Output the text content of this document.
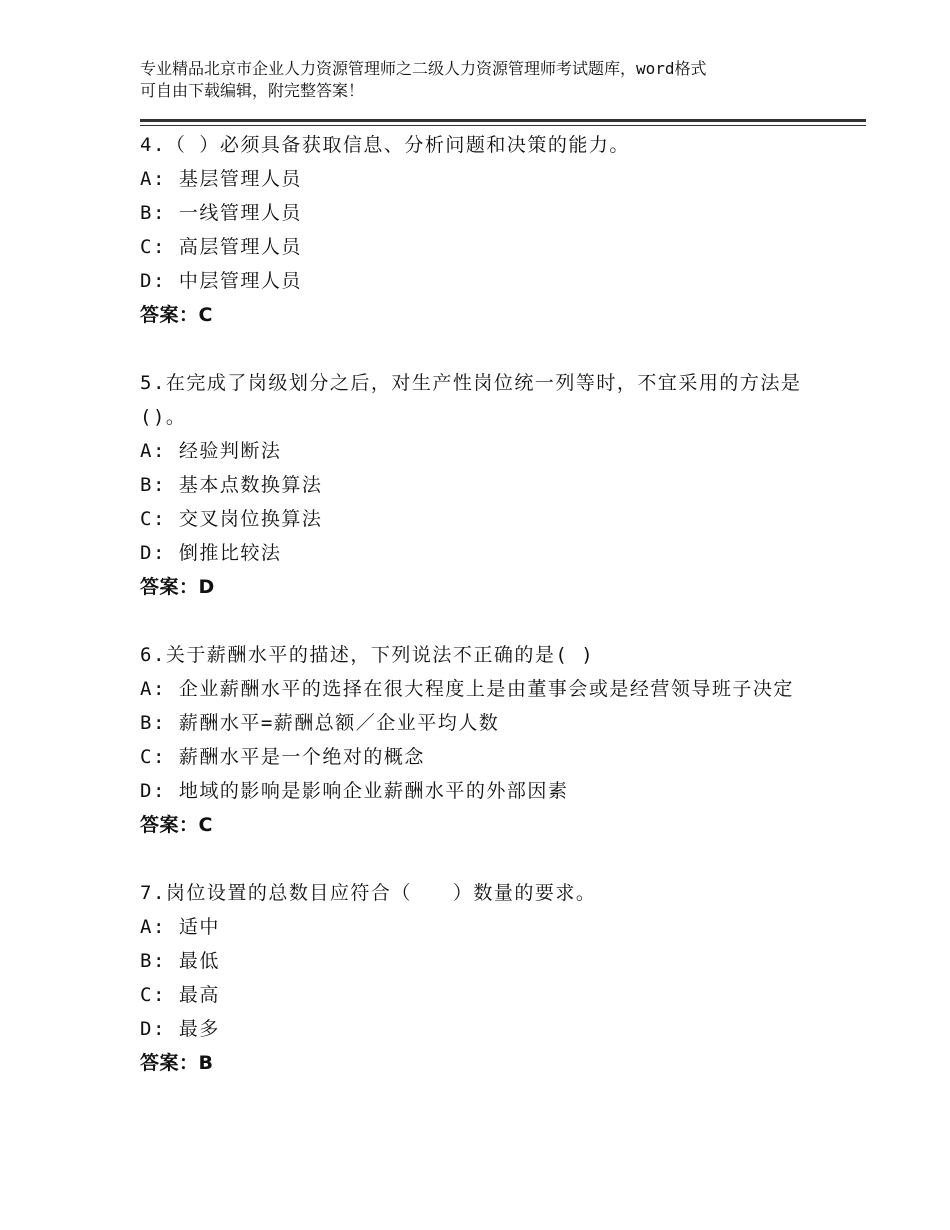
专业精品北京市企业人力资源管理师之二级人力资源管理师考试题库，word格式
可自由下载编辑，附完整答案！
4.（ ）必须具备获取信息、分析问题和决策的能力。
A: 基层管理人员
B: 一线管理人员
C: 高层管理人员
D: 中层管理人员
答案：C
5.在完成了岗级划分之后，对生产性岗位统一列等时，不宜采用的方法是()。
A: 经验判断法
B: 基本点数换算法
C: 交叉岗位换算法
D: 倒推比较法
答案：D
6.关于薪酬水平的描述，下列说法不正确的是( )
A: 企业薪酬水平的选择在很大程度上是由董事会或是经营领导班子决定
B: 薪酬水平=薪酬总额／企业平均人数
C: 薪酬水平是一个绝对的概念
D: 地域的影响是影响企业薪酬水平的外部因素
答案：C
7.岗位设置的总数目应符合（　　）数量的要求。
A: 适中
B: 最低
C: 最高
D: 最多
答案：B
